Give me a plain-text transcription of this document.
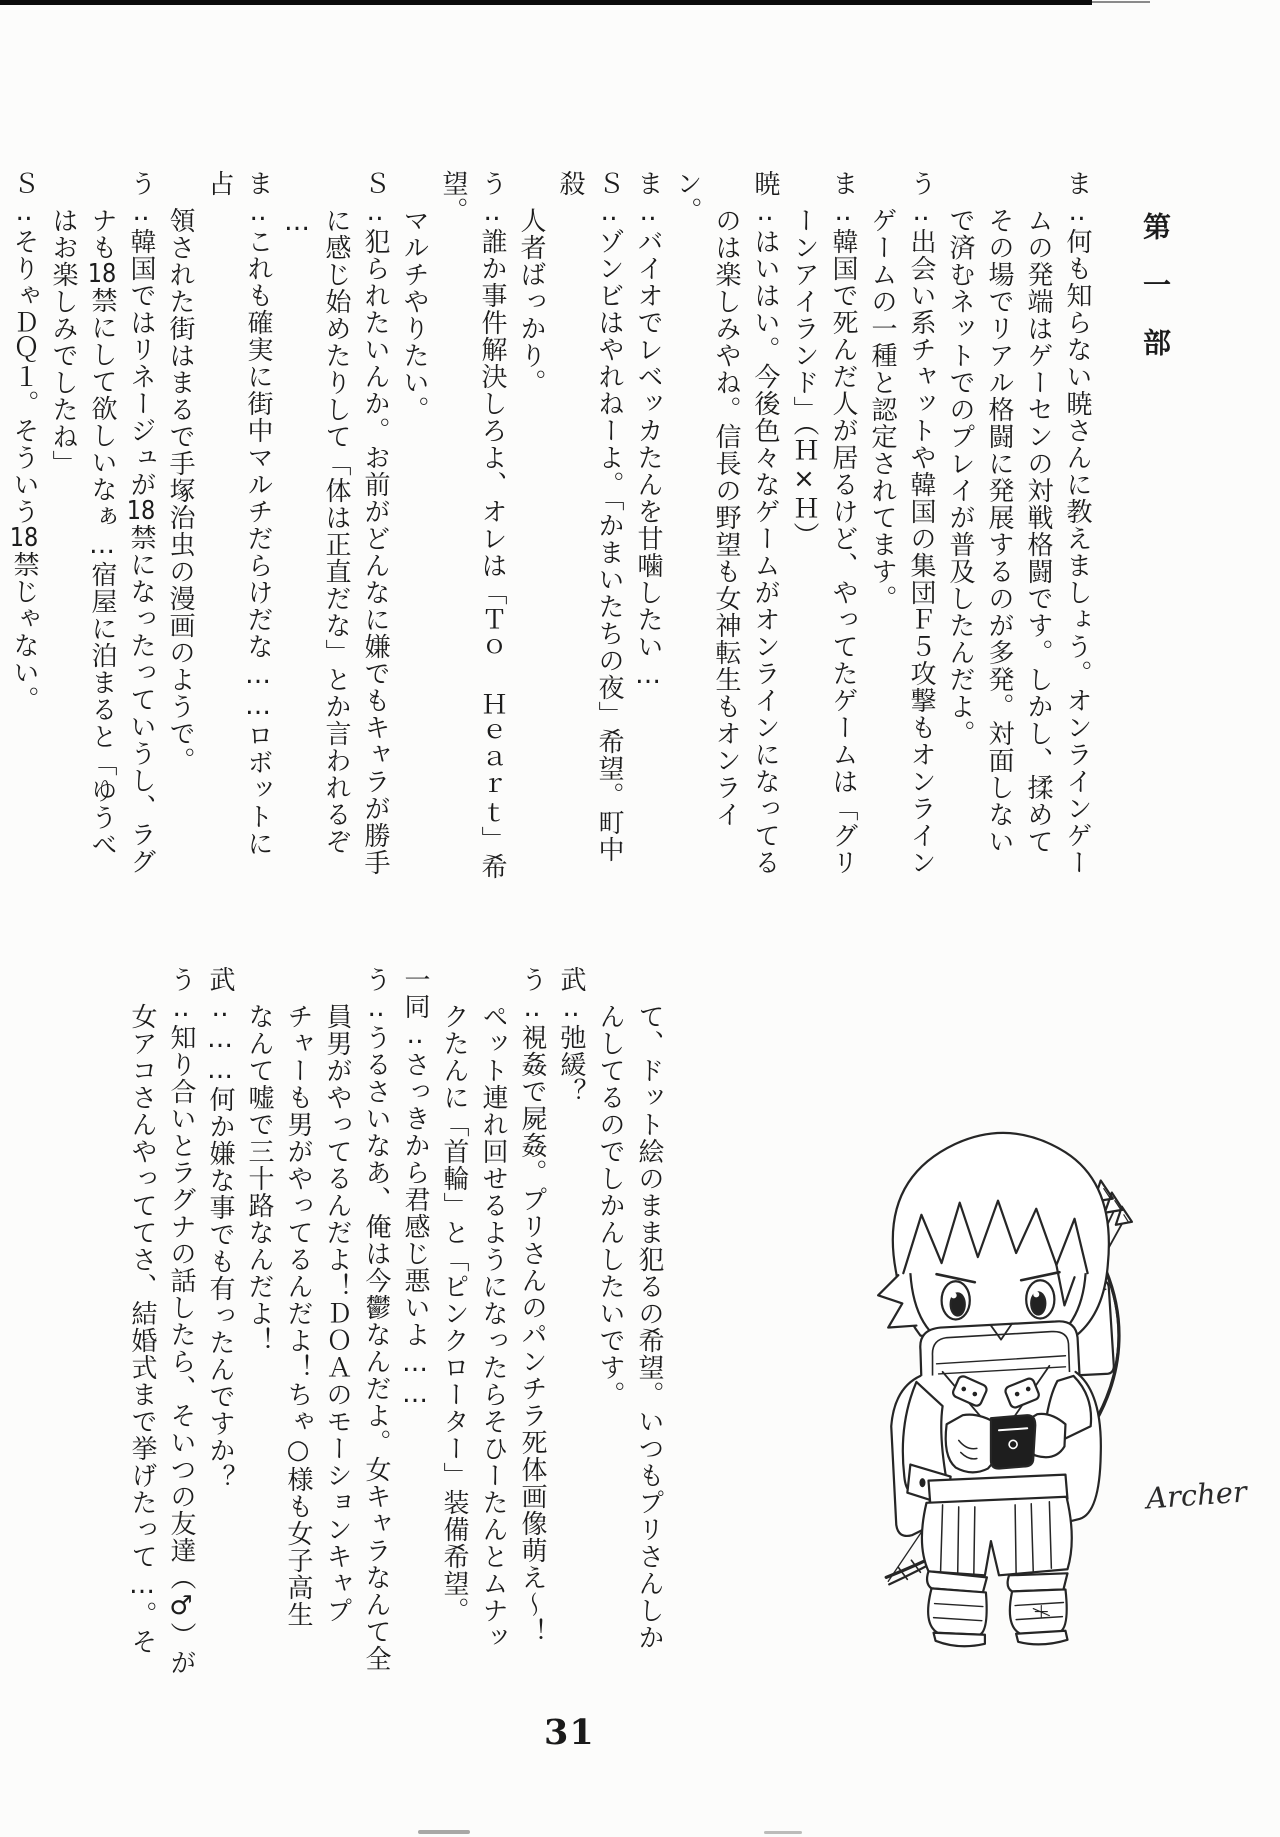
第一部

ま‥何も知らない暁さんに教えましょう。オンラインゲー

ムの発端はゲーセンの対戦格闘です。しかし、揉めて

その場でリアル格闘に発展するのが多発。対面しない

で済むネットでのプレイが普及したんだよ。

う‥出会い系チャットや韓国の集団Ｆ５攻撃もオンライン

ゲームの一種と認定されてます。

ま‥韓国で死んだ人が居るけど、やってたゲームは「グリ

ーンアイランド」（Ｈ×Ｈ）

暁‥はいはい。今後色々なゲームがオンラインになってる

のは楽しみやね。信長の野望も女神転生もオンライン。

ま‥バイオでレベッカたんを甘噛したい…

Ｓ‥ゾンビはやれねーよ。「かまいたちの夜」希望。町中殺

人者ばっかり。

う‥誰か事件解決しろよ、オレは「Ｔｏ Ｈｅａｒｔ」希望。

マルチやりたい。

Ｓ‥犯られたいんか。お前がどんなに嫌でもキャラが勝手

に感じ始めたりして「体は正直だな」とか言われるぞ

…

ま‥これも確実に街中マルチだらけだな……ロボットに占

領された街はまるで手塚治虫の漫画のようで。

う‥韓国ではリネージュが18禁になったっていうし、ラグ

ナも18禁にして欲しいなぁ…宿屋に泊まると「ゆうべ

はお楽しみでしたね」

Ｓ‥そりゃＤＱ１。そういう18禁じゃない。

て、ドット絵のまま犯るの希望。いつもプリさんしか

んしてるのでしかんしたいです。

武‥弛緩？

う‥視姦で屍姦。プリさんのパンチラ死体画像萌え〜！

ペット連れ回せるようになったらそひーたんとムナッ

クたんに「首輪」と「ピンクローター」装備希望。

一同‥さっきから君感じ悪いよ……

う‥うるさいなあ、俺は今鬱なんだよ。女キャラなんて全

員男がやってるんだよ！ＤＯＡのモーションキャプ

チャーも男がやってるんだよ！ちゃ○様も女子高生

なんて嘘で三十路なんだよ！

武‥……何か嫌な事でも有ったんですか？

う‥知り合いとラグナの話したら、そいつの友達（♂）が

女アコさんやっててさ、結婚式まで挙げたって…。そ	Archer
31
